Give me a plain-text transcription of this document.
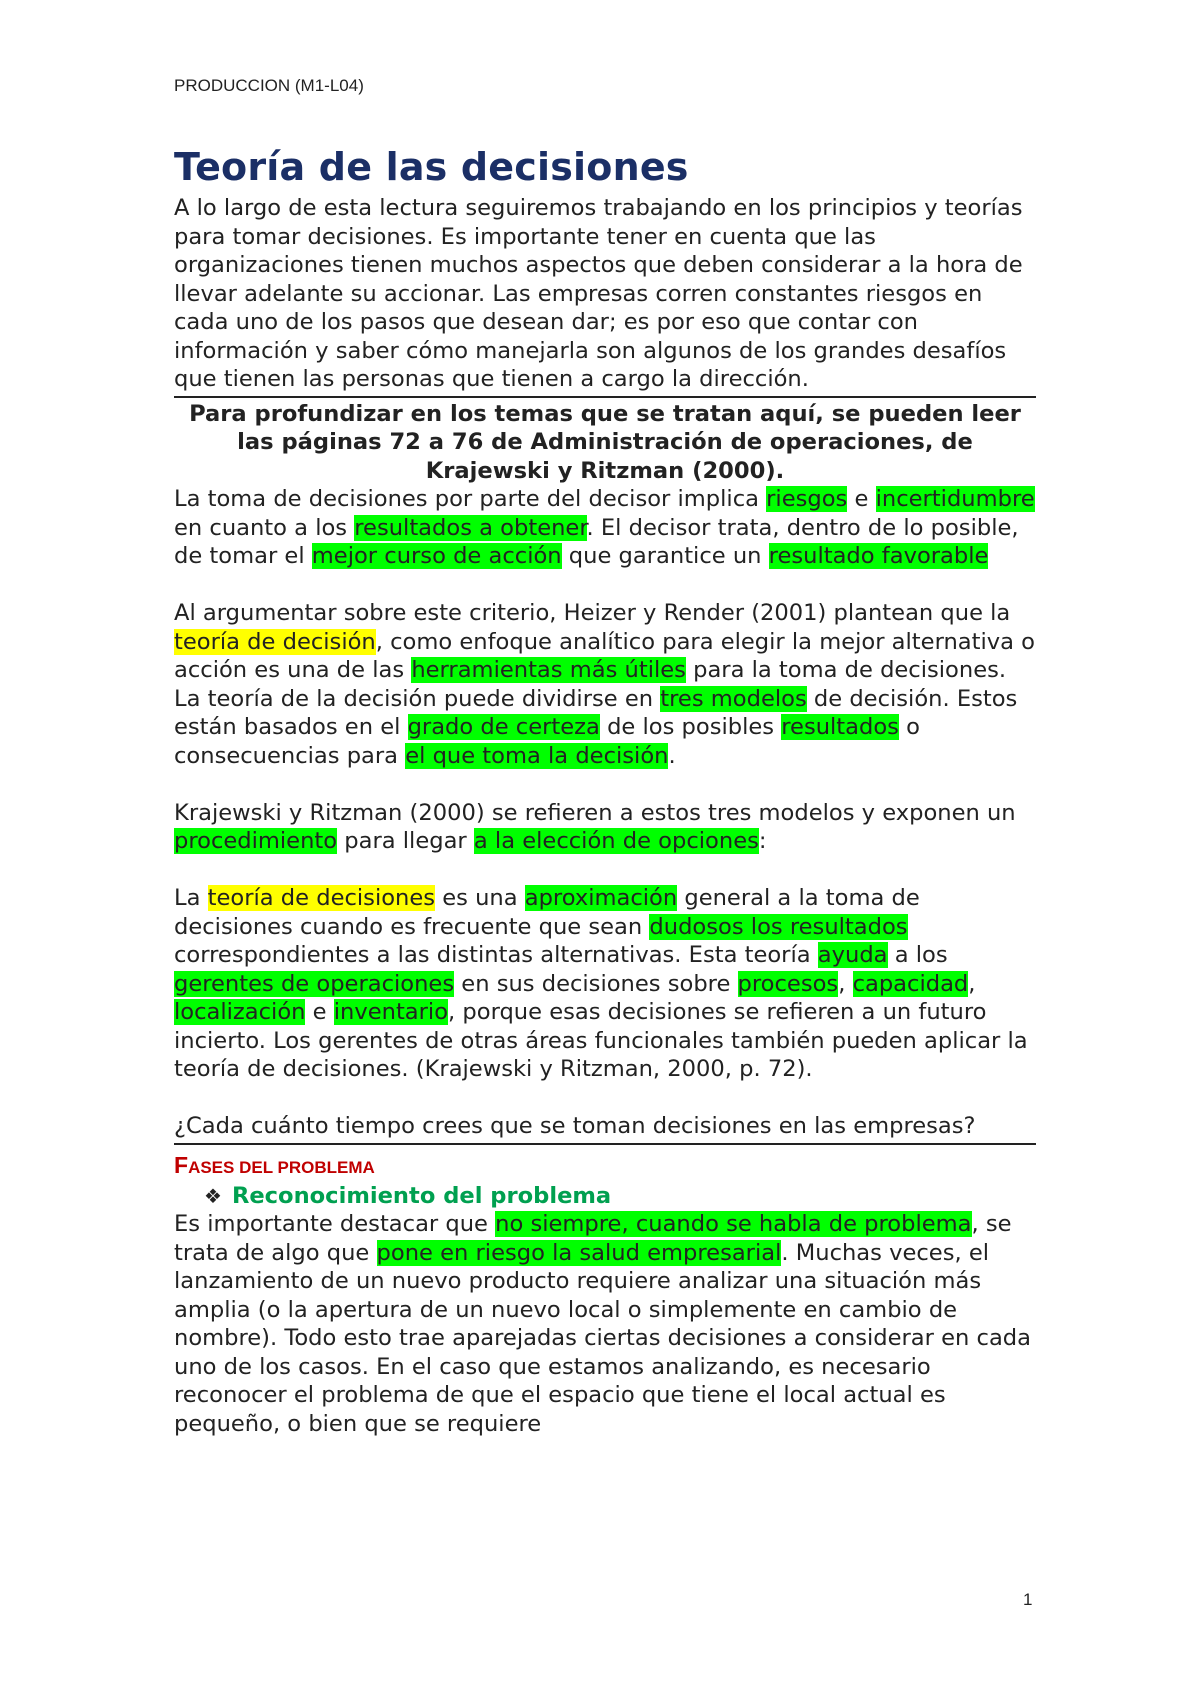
PRODUCCION (M1-L04)
Teoría de las decisiones

A lo largo de esta lectura seguiremos trabajando en los principios y teorías para tomar decisiones. Es importante tener en cuenta que las organizaciones tienen muchos aspectos que deben considerar a la hora de llevar adelante su accionar. Las empresas corren constantes riesgos en cada uno de los pasos que desean dar; es por eso que contar con información y saber cómo manejarla son algunos de los grandes desafíos que tienen las personas que tienen a cargo la dirección.

Para profundizar en los temas que se tratan aquí, se pueden leer las páginas 72 a 76 de Administración de operaciones, de Krajewski y Ritzman (2000).

La toma de decisiones por parte del decisor implica riesgos e incertidumbre en cuanto a los resultados a obtener. El decisor trata, dentro de lo posible, de tomar el mejor curso de acción que garantice un resultado favorable

Al argumentar sobre este criterio, Heizer y Render (2001) plantean que la teoría de decisión, como enfoque analítico para elegir la mejor alternativa o acción es una de las herramientas más útiles para la toma de decisiones. La teoría de la decisión puede dividirse en tres modelos de decisión. Estos están basados en el grado de certeza de los posibles resultados o consecuencias para el que toma la decisión.

Krajewski y Ritzman (2000) se refieren a estos tres modelos y exponen un procedimiento para llegar a la elección de opciones:

La teoría de decisiones es una aproximación general a la toma de decisiones cuando es frecuente que sean dudosos los resultados correspondientes a las distintas alternativas. Esta teoría ayuda a los gerentes de operaciones en sus decisiones sobre procesos, capacidad, localización e inventario, porque esas decisiones se refieren a un futuro incierto. Los gerentes de otras áreas funcionales también pueden aplicar la teoría de decisiones. (Krajewski y Ritzman, 2000, p. 72).

¿Cada cuánto tiempo crees que se toman decisiones en las empresas?

FASES DEL PROBLEMA
❖ Reconocimiento del problema

Es importante destacar que no siempre, cuando se habla de problema, se trata de algo que pone en riesgo la salud empresarial. Muchas veces, el lanzamiento de un nuevo producto requiere analizar una situación más amplia (o la apertura de un nuevo local o simplemente en cambio de nombre). Todo esto trae aparejadas ciertas decisiones a considerar en cada uno de los casos. En el caso que estamos analizando, es necesario reconocer el problema de que el espacio que tiene el local actual es pequeño, o bien que se requiere

1
